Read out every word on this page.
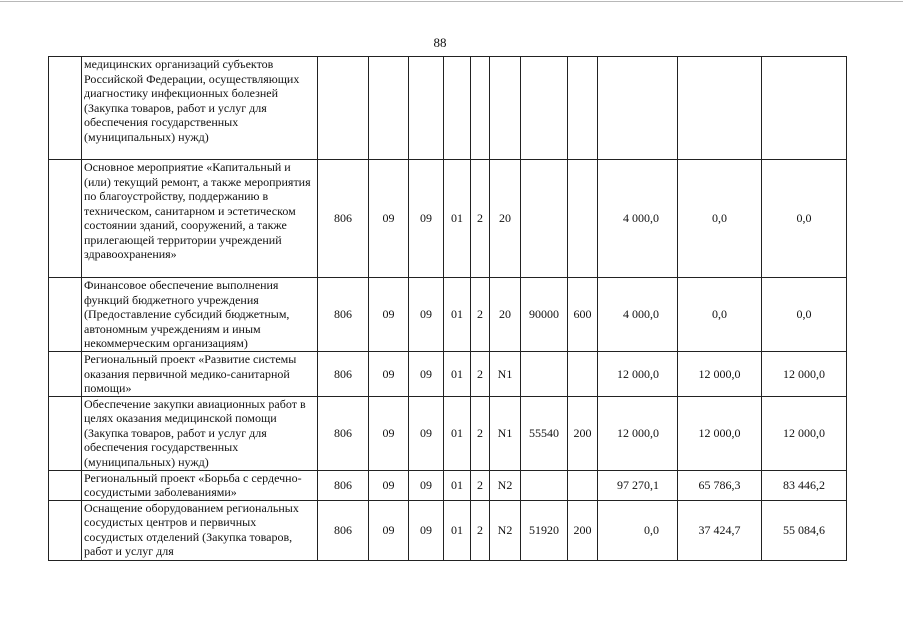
88
	медицинских организаций субъектов Российской Федерации, осуществляющих диагностику инфекционных болезней (Закупка товаров, работ и услуг для обеспечения государственных (муниципальных) нужд)											
	Основное мероприятие «Капитальный и (или) текущий ремонт, а также мероприятия по благоустройству, поддержанию в техническом, санитарном и эстетическом состоянии зданий, сооружений, а также прилегающей территории учреждений здравоохранения»	806	09	09	01	2	20			4 000,0	0,0	0,0
	Финансовое обеспечение выполнения функций бюджетного учреждения (Предоставление субсидий бюджетным, автономным учреждениям и иным некоммерческим организациям)	806	09	09	01	2	20	90000	600	4 000,0	0,0	0,0
	Региональный проект «Развитие системы оказания первичной медико-санитарной помощи»	806	09	09	01	2	N1			12 000,0	12 000,0	12 000,0
	Обеспечение закупки авиационных работ в целях оказания медицинской помощи (Закупка товаров, работ и услуг для обеспечения государственных (муниципальных) нужд)	806	09	09	01	2	N1	55540	200	12 000,0	12 000,0	12 000,0
	Региональный проект «Борьба с сердечно-сосудистыми заболеваниями»	806	09	09	01	2	N2			97 270,1	65 786,3	83 446,2
	Оснащение оборудованием региональных сосудистых центров и первичных сосудистых отделений (Закупка товаров, работ и услуг для	806	09	09	01	2	N2	51920	200	0,0	37 424,7	55 084,6
